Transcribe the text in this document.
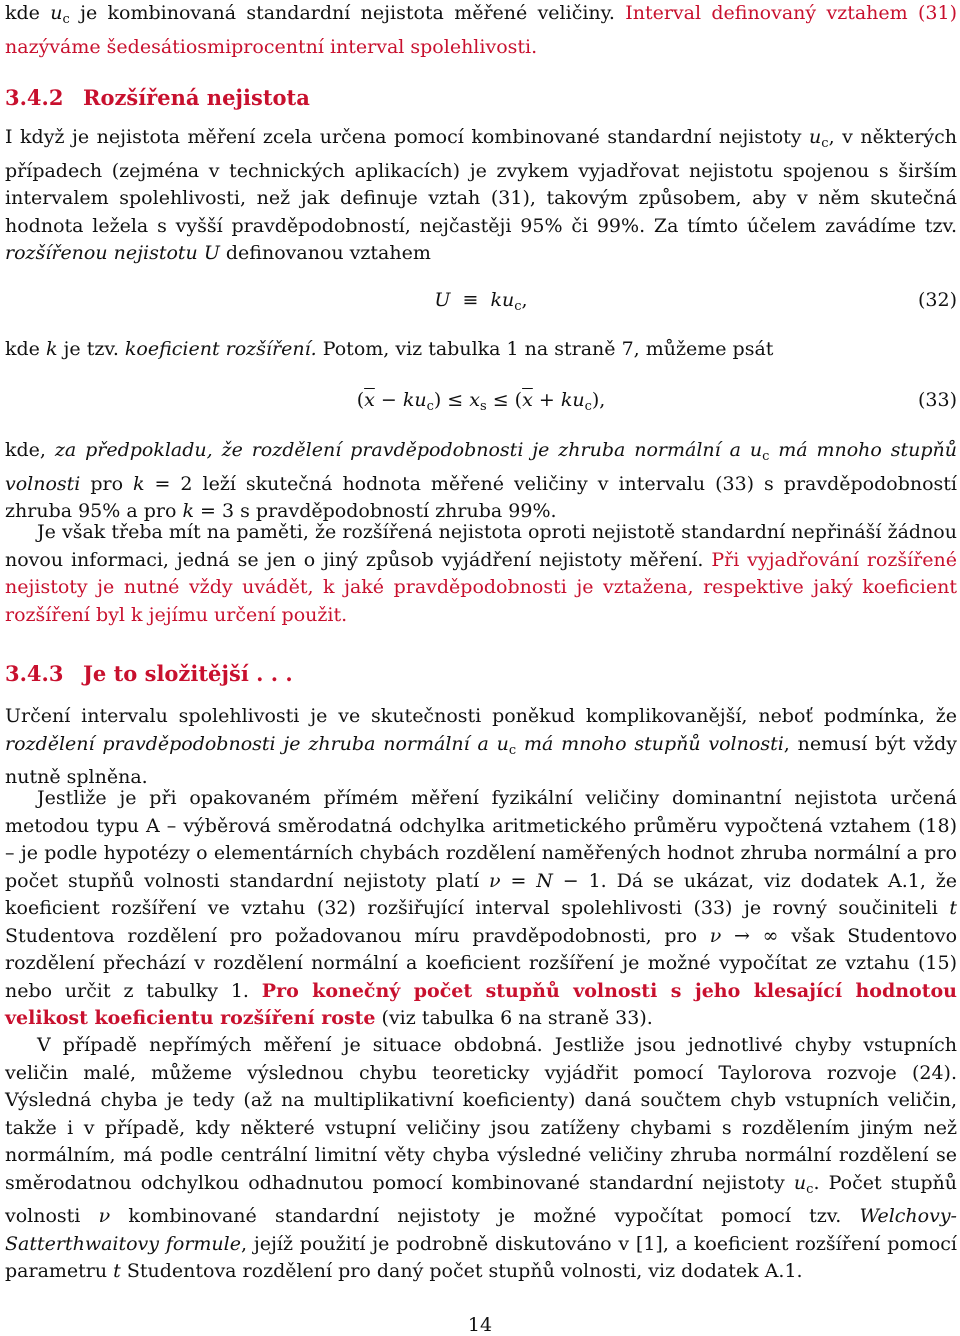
kde $u_c$ je kombinovaná standardní nejistota měřené veličiny. Interval definovaný vztahem (31) nazýváme šedesátiosmiprocentní interval spolehlivosti.

3.4.2 Rozšířená nejistota

I když je nejistota měření zcela určena pomocí kombinované standardní nejistoty $u_c$, v některých případech (zejména v technických aplikacích) je zvykem vyjadřovat nejistotu spojenou s širším intervalem spolehlivosti, než jak definuje vztah (31), takovým způsobem, aby v něm skutečná hodnota ležela s vyšší pravděpodobností, nejčastěji 95% či 99%. Za tímto účelem zavádíme tzv. rozšířenou nejistotu U definovanou vztahem

$U \equiv ku_c$,	(32)

kde k je tzv. koeficient rozšíření. Potom, viz tabulka 1 na straně 7, můžeme psát

$(\overline{x} - ku_c) \le x_s \le (\overline{x} + ku_c)$,	(33)

kde, za předpokladu, že rozdělení pravděpodobnosti je zhruba normální a $u_c$ má mnoho stupňů volnosti pro k = 2 leží skutečná hodnota měřené veličiny v intervalu (33) s pravděpodobností zhruba 95% a pro k = 3 s pravděpodobností zhruba 99%.

Je však třeba mít na paměti, že rozšířená nejistota oproti nejistotě standardní nepřináší žádnou novou informaci, jedná se jen o jiný způsob vyjádření nejistoty měření. Při vyjadřování rozšířené nejistoty je nutné vždy uvádět, k jaké pravděpodobnosti je vztažena, respektive jaký koeficient rozšíření byl k jejímu určení použit.

3.4.3 Je to složitější . . .

Určení intervalu spolehlivosti je ve skutečnosti poněkud komplikovanější, neboť podmínka, že rozdělení pravděpodobnosti je zhruba normální a $u_c$ má mnoho stupňů volnosti, nemusí být vždy nutně splněna.

Jestliže je při opakovaném přímém měření fyzikální veličiny dominantní nejistota určená metodou typu A – výběrová směrodatná odchylka aritmetického průměru vypočtená vztahem (18) – je podle hypotézy o elementárních chybách rozdělení naměřených hodnot zhruba normální a pro počet stupňů volnosti standardní nejistoty platí ν = N − 1. Dá se ukázat, viz dodatek A.1, že koeficient rozšíření ve vztahu (32) rozšiřující interval spolehlivosti (33) je rovný součiniteli t Studentova rozdělení pro požadovanou míru pravděpodobnosti, pro ν → ∞ však Studentovo rozdělení přechází v rozdělení normální a koeficient rozšíření je možné vypočítat ze vztahu (15) nebo určit z tabulky 1. Pro konečný počet stupňů volnosti s jeho klesající hodnotou velikost koeficientu rozšíření roste (viz tabulka 6 na straně 33).

V případě nepřímých měření je situace obdobná. Jestliže jsou jednotlivé chyby vstupních veličin malé, můžeme výslednou chybu teoreticky vyjádřit pomocí Taylorova rozvoje (24). Výsledná chyba je tedy (až na multiplikativní koeficienty) daná součtem chyb vstupních veličin, takže i v případě, kdy některé vstupní veličiny jsou zatíženy chybami s rozdělením jiným než normálním, má podle centrální limitní věty chyba výsledné veličiny zhruba normální rozdělení se směrodatnou odchylkou odhadnutou pomocí kombinované standardní nejistoty $u_c$. Počet stupňů volnosti ν kombinované standardní nejistoty je možné vypočítat pomocí tzv. Welchovy-Satterthwaitovy formule, jejíž použití je podrobně diskutováno v [1], a koeficient rozšíření pomocí parametru t Studentova rozdělení pro daný počet stupňů volnosti, viz dodatek A.1.

14
